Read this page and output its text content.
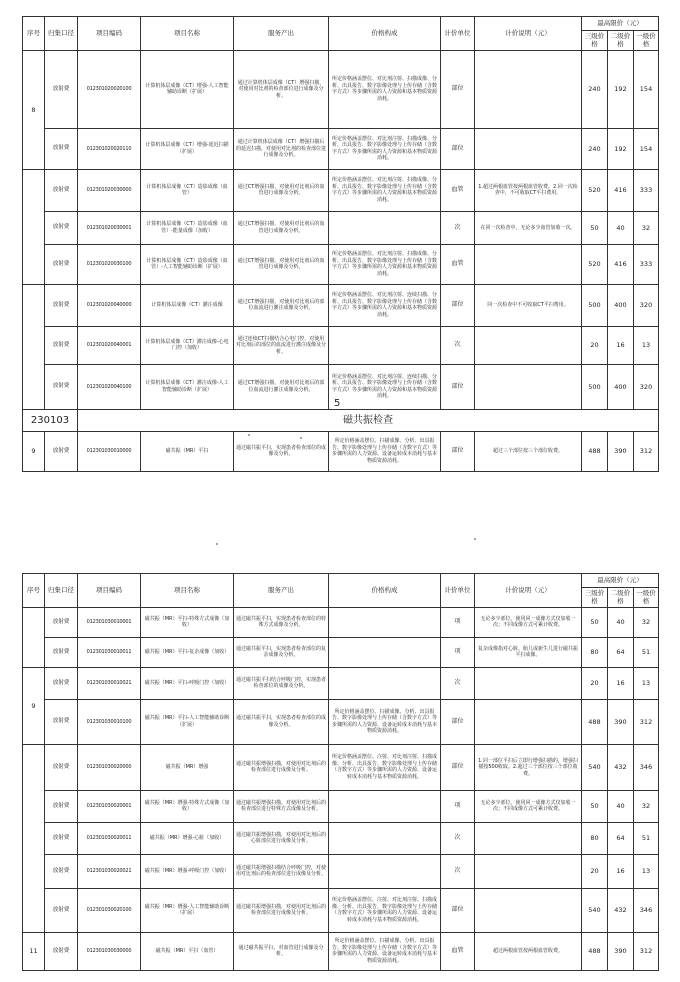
序号	归集口径	项目编码	项目名称	服务产出	价格构成	计价单位	计价说明（元）	最高限价（元）		
								三级价格	二级价格	一级价格
8	放射费	012301020020100	计算机体层成像（CT）增强-人工智能辅助诊断（扩展）	通过计算机体层成像（CT）增强扫描，对使用对比剂的检查部位进行成像及分析。	所定价格涵盖摆位、对比剂注射、扫描成像、分析、出具报告、数字影像处理与上传存储（含数字方式）等步骤所需的人力资源和基本物质资源消耗。	部位		240	192	154
	放射费	012301020020110	计算机体层成像（CT）增强-延迟扫描（扩展）	通过计算机体层成像（CT）增强扫描后的延迟扫描，对使用对比剂的检查部位进行成像及分析。	所定价格涵盖摆位、对比剂注射、扫描成像、分析、出具报告、数字影像处理与上传存储（含数字方式）等步骤所需的人力资源和基本物质资源消耗。	部位		240	192	154
	放射费	012301020030000	计算机体层成像（CT）造影成像（血管）	通过CT增强扫描，对使用对比剂后的血管进行成像及分析。	所定价格涵盖摆位、对比剂注射、扫描成像、分析、出具报告、数字影像处理与上传存储（含数字方式）等步骤所需的人力资源和基本物质资源消耗。	血管	1.超过两根血管按两根血管收费。2.同一次检查中，不可收取CT平扫费用。	520	416	333
	放射费	012301020030001	计算机体层成像（CT）造影成像（血管）-能量成像（加收）	通过CT增强扫描，对使用对比剂后的血管进行成像及分析。		次	在同一次检查中，无论多少血管加收一次。	50	40	32
	放射费	012301020030100	计算机体层成像（CT）造影成像（血管）-人工智能辅助诊断（扩展）	通过CT增强扫描，对使用对比剂后的血管进行成像及分析。	所定价格涵盖摆位、对比剂注射、扫描成像、分析、出具报告、数字影像处理与上传存储（含数字方式）等步骤所需的人力资源和基本物质资源消耗。	血管		520	416	333
	放射费	012301020040000	计算机体层成像（CT）灌注成像	通过CT增强扫描，对使用对比剂后的部位血流进行灌注成像及分析。	所定价格涵盖摆位、对比剂注射、连续扫描、分析、出具报告、数字影像处理与上传存储（含数字方式）等步骤所需的人力资源和基本物质资源消耗。	部位	同一次检查中不可收取CT平扫费用。	500	400	320
	放射费	012301020040001	计算机体层成像（CT）灌注成像-心电门控（加收）	通过连续CT扫描结合心电门控，对使用对比剂后的部位的血流进行灌注成像及分析。		次		20	16	13
	放射费	012301020040100	计算机体层成像（CT）灌注成像-人工智能辅助诊断（扩展）	通过CT增强扫描，对使用对比剂后的部位血流进行灌注成像及分析。	所定价格涵盖摆位、对比剂注射、连续扫描、分析、出具报告、数字影像处理与上传存储（含数字方式）等步骤所需的人力资源和基本物质资源消耗。	部位		500	400	320
230103		磁共振检查								
9	放射费	012301030010000	磁共振（MR）平扫	通过磁共振平扫，实现患者检查部位的成像及分析。	所定价格涵盖摆位、扫描成像、分析、出具报告、数字影像处理与上传存储（含数字方式）等步骤所需的人力资源、设备运转成本消耗与基本物质资源消耗。	部位	超过三个部位按三个部位收费。	488	390	312
5
序号	归集口径	项目编码	项目名称	服务产出	价格构成	计价单位	计价说明（元）	最高限价（元）		
								三级价格	二级价格	一级价格
	放射费	012301030010001	磁共振（MR）平扫-特殊方式成像（加收）	通过磁共振平扫，实现患者检查部位的特殊方式成像及分析。		项	无论多少部位，使用同一成像方式仅加收一次；不同成像方式可累计收费。	50	40	32
	放射费	012301030010011	磁共振（MR）平扫-复杂成像（加收）	通过磁共振平扫，实现患者检查部位的复杂成像及分析。		项	复杂成像指对心脏、胎儿或新生儿进行磁共振平扫成像。	80	64	51
9	放射费	012301030010021	磁共振（MR）平扫-呼吸门控（加收）	通过磁共振平扫结合呼吸门控，实现患者检查部位的成像及分析。		次		20	16	13
	放射费	012301030010100	磁共振（MR）平扫-人工智能辅助诊断（扩展）	通过磁共振平扫，实现患者检查部位的成像及分析。	所定价格涵盖摆位、扫描成像、分析、出具报告、数字影像处理与上传存储（含数字方式）等步骤所需的人力资源、设备运转成本消耗与基本物质资源消耗。	部位		488	390	312
	放射费	012301030020000	磁共振（MR）增强	通过磁共振增强扫描，对使用对比剂后的检查部位进行成像及分析。	所定价格涵盖摆位、注射、对比剂注射、扫描成像、分析、出具报告、数字影像处理与上传存储（含数字方式）等步骤所需的人力资源、设备运转成本消耗与基本物质资源消耗。	部位	1.同一部位平扫后立即行增强扫描的，增强扫描按500收取。2.超过三个部位按三个部位收费。	540	432	346
	放射费	012301030020001	磁共振（MR）增强-特殊方式成像（加收）	通过磁共振增强扫描，对使用对比剂后的检查部位进行特殊方式成像及分析。		项	无论多少部位，使用同一成像方式仅加收一次；不同成像方式可累计收费。	50	40	32
	放射费	012301030020011	磁共振（MR）增强-心脏（加收）	通过磁共振增强扫描，对使用对比剂后的心脏部位进行成像及分析。		次		80	64	51
	放射费	012301030020021	磁共振（MR）增强-呼吸门控（加收）	通过磁共振增强扫描结合呼吸门控，对使用对比剂后的检查部位进行成像及分析。		次		20	16	13
	放射费	012301030020100	磁共振（MR）增强-人工智能辅助诊断（扩展）	通过磁共振增强扫描，对使用对比剂后的检查部位进行成像及分析。	所定价格涵盖摆位、注射、对比剂注射、扫描成像、分析、出具报告、数字影像处理与上传存储（含数字方式）等步骤所需的人力资源、设备运转成本消耗与基本物质资源消耗。	部位		540	432	346
11	放射费	012301030030000	磁共振（MR）平扫（血管）	通过磁共振平扫，对血管进行成像及分析。	所定价格涵盖摆位、扫描成像、分析、出具报告、数字影像处理与上传存储（含数字方式）等步骤所需的人力资源、设备运转成本消耗与基本物质资源消耗。	血管	超过两根血管按两根血管收费。	488	390	312
